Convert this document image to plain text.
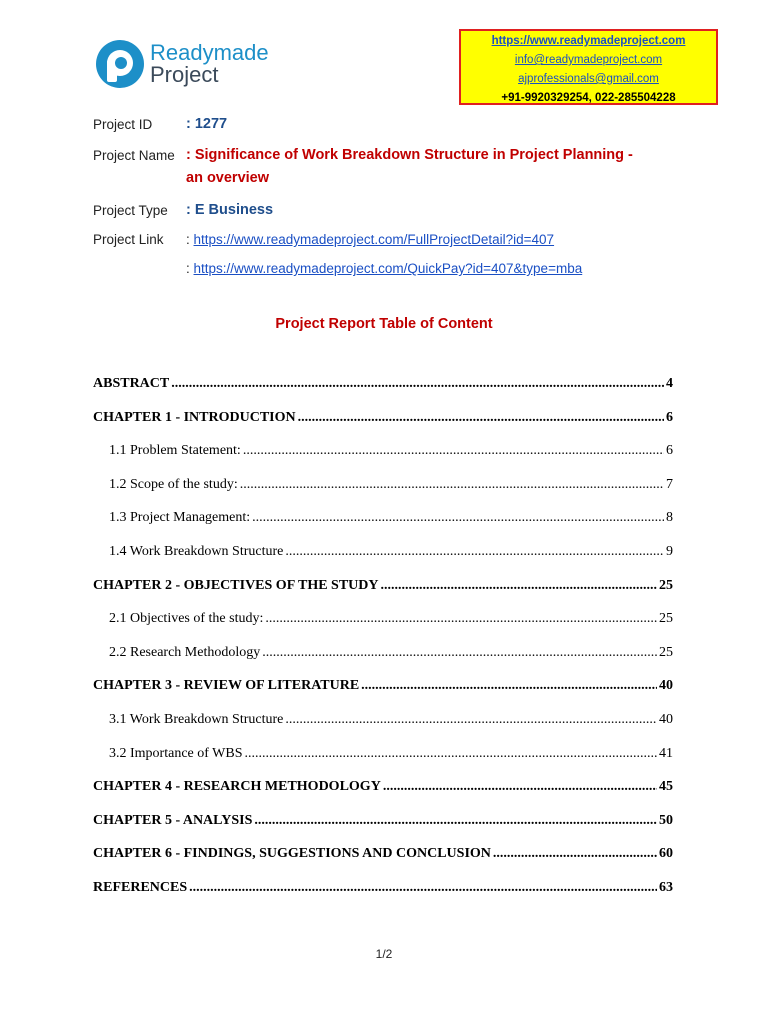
Readymade
Project
https://www.readymadeproject.com
info@readymadeproject.com
ajprofessionals@gmail.com
+91-9920329254, 022-285504228
Project ID	: 1277
Project Name : Significance of Work Breakdown Structure in Project Planning -
an overview
Project Type	: E Business
Project Link	: https://www.readymadeproject.com/FullProjectDetail?id=407
: https://www.readymadeproject.com/QuickPay?id=407&type=mba
Project Report Table of Content
ABSTRACT .....	4
CHAPTER 1 - INTRODUCTION .....	6
1.1 Problem Statement: .....	6
1.2 Scope of the study: .....	7
1.3 Project Management: .....	8
1.4 Work Breakdown Structure .....	9
CHAPTER 2 - OBJECTIVES OF THE STUDY .....	25
2.1 Objectives of the study: .....	25
2.2 Research Methodology .....	25
CHAPTER 3 - REVIEW OF LITERATURE .....	40
3.1 Work Breakdown Structure .....	40
3.2 Importance of WBS .....	41
CHAPTER 4 - RESEARCH METHODOLOGY .....	45
CHAPTER 5 - ANALYSIS .....	50
CHAPTER 6 - FINDINGS, SUGGESTIONS AND CONCLUSION .....	60
REFERENCES .....	63
1/2
